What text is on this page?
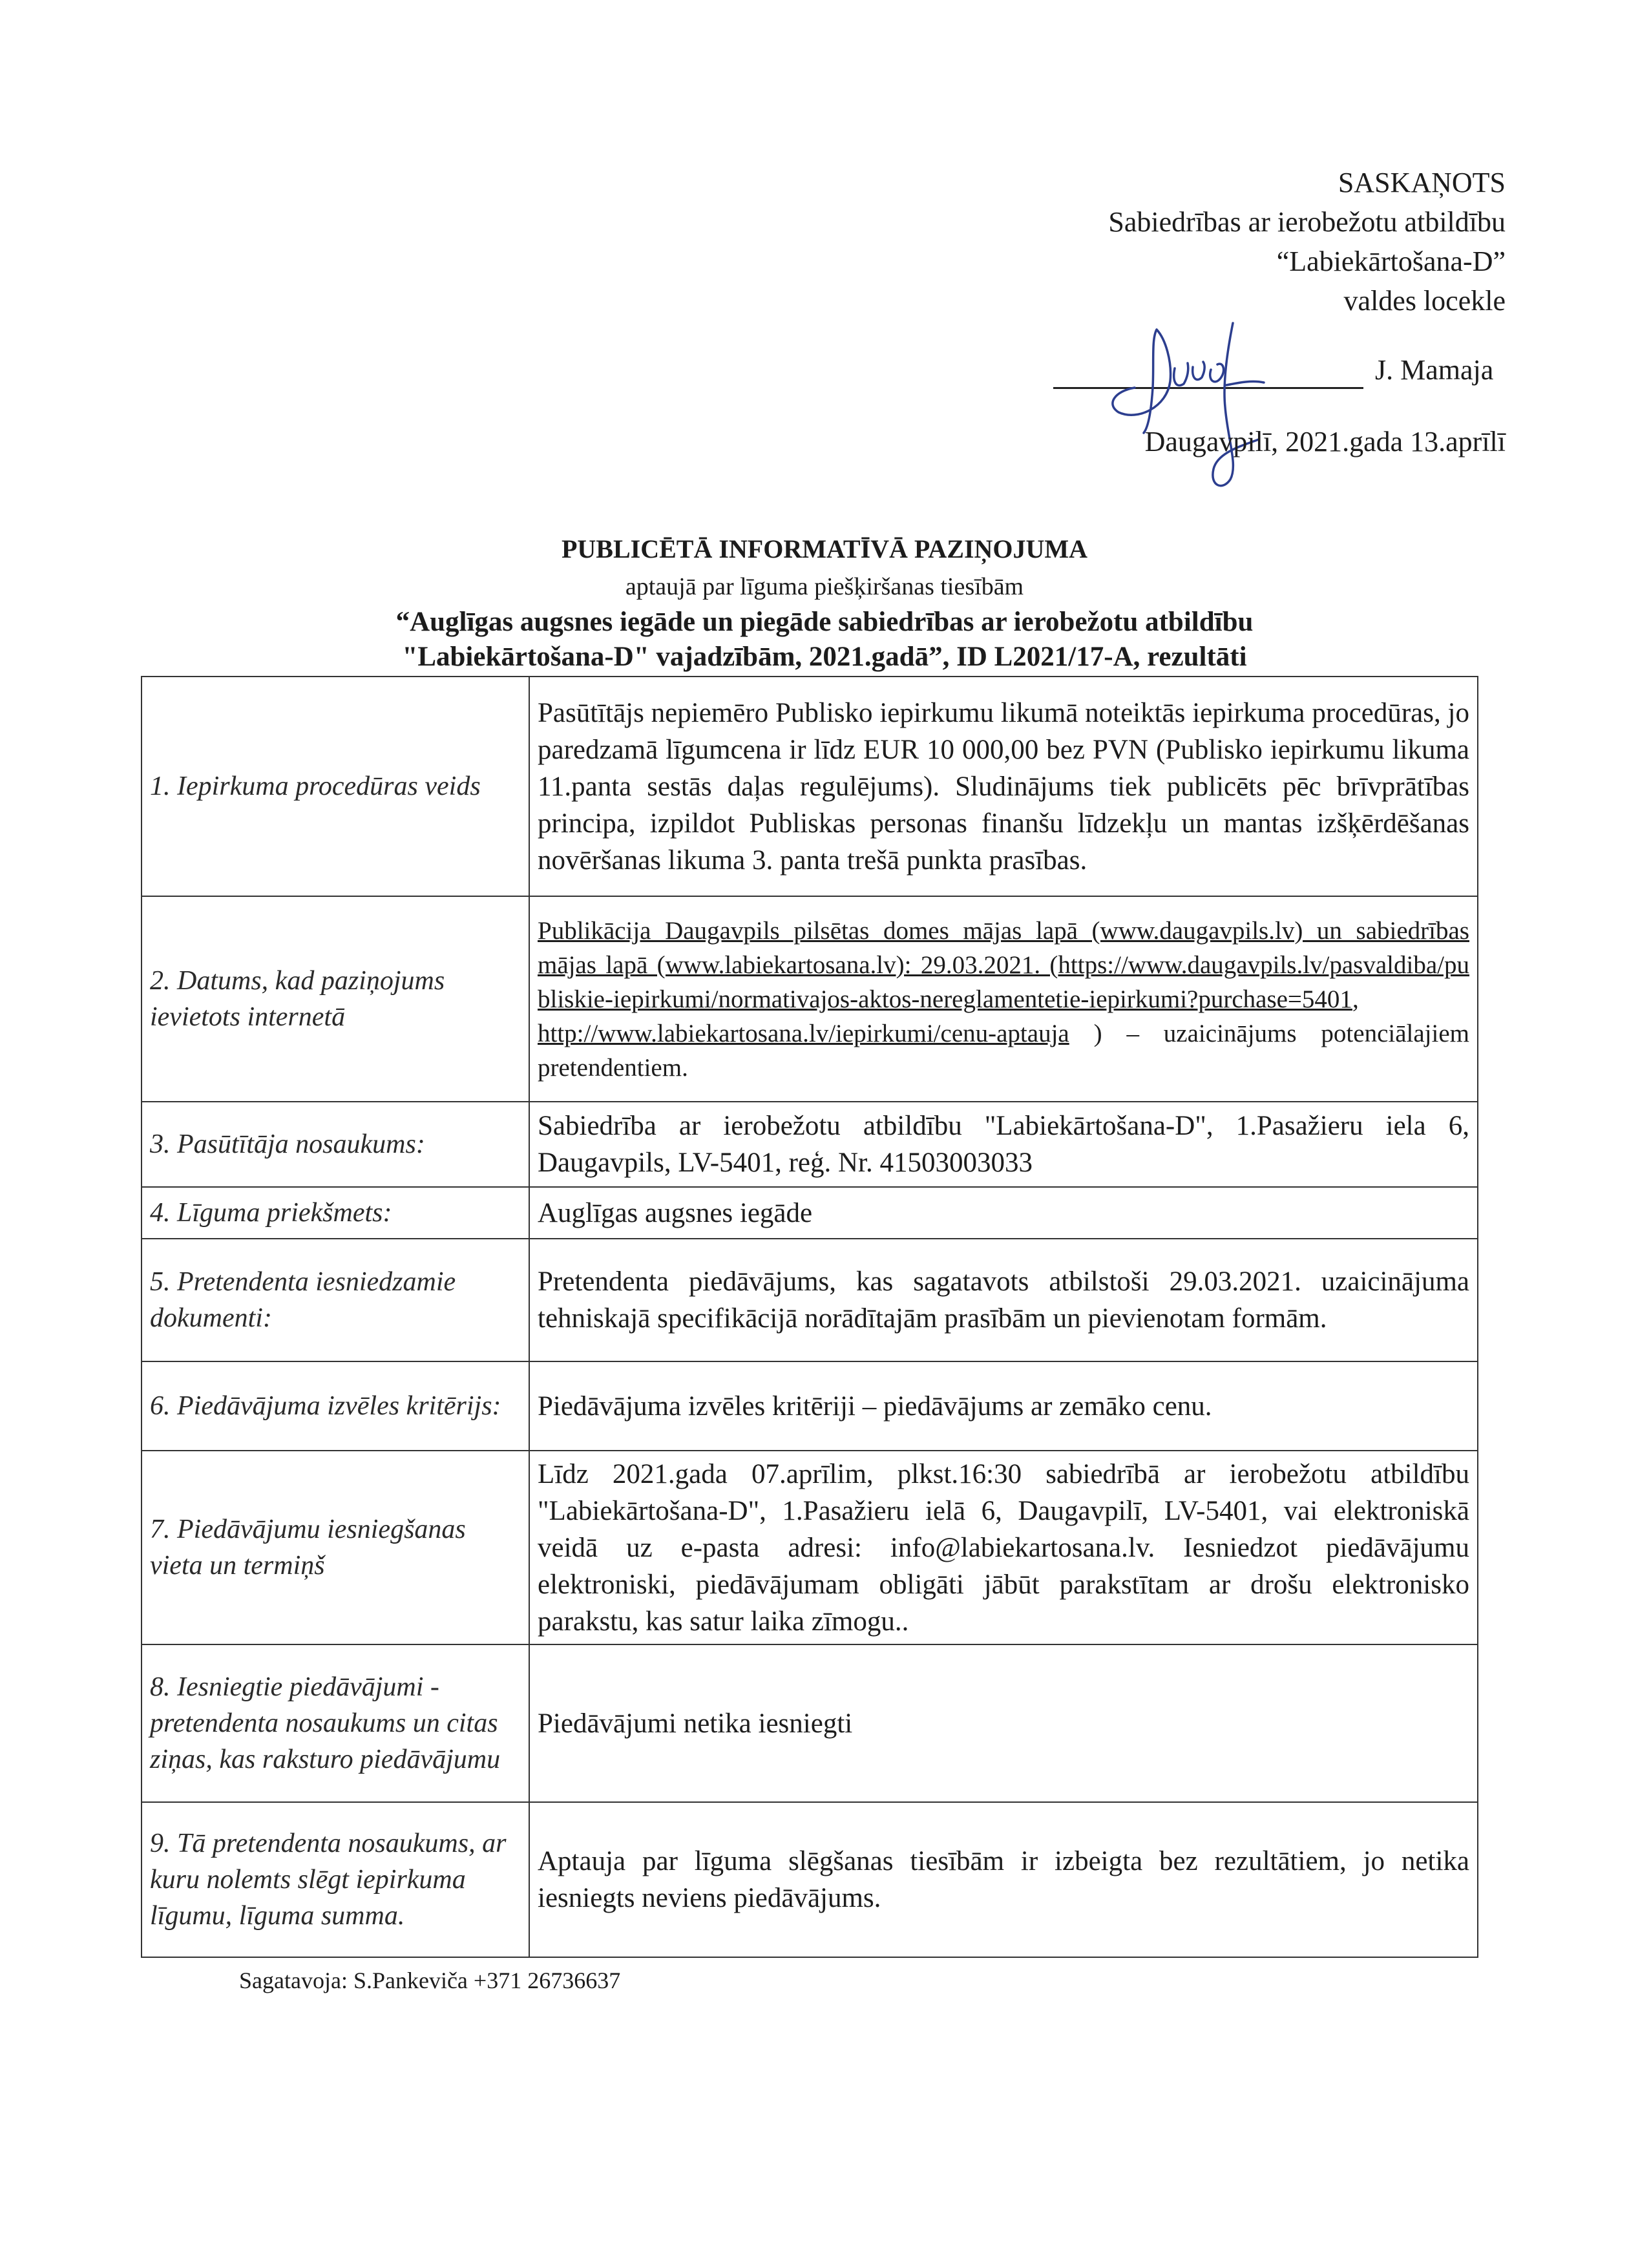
SASKAŅOTS
Sabiedrības ar ierobežotu atbildību
“Labiekārtošana-D”
valdes locekle
J. Mamaja
Daugavpilī, 2021.gada 13.aprīlī
PUBLICĒTĀ INFORMATĪVĀ PAZIŅOJUMA
aptaujā par līguma piešķiršanas tiesībām
“Auglīgas augsnes iegāde un piegāde sabiedrības ar ierobežotu atbildību
"Labiekārtošana-D" vajadzībām, 2021.gadā”, ID L2021/17-A, rezultāti
1. Iepirkuma procedūras veids	Pasūtītājs nepiemēro Publisko iepirkumu likumā noteiktās iepirkuma procedūras, jo paredzamā līgumcena ir līdz EUR 10 000,00 bez PVN (Publisko iepirkumu likuma 11.panta sestās daļas regulējums). Sludinājums tiek publicēts pēc brīvprātības principa, izpildot Publiskas personas finanšu līdzekļu un mantas izšķērdēšanas novēršanas likuma 3. panta trešā punkta prasības.
2. Datums, kad paziņojums ievietots internetā	Publikācija Daugavpils pilsētas domes mājas lapā (www.daugavpils.lv) un sabiedrības mājas lapā (www.labiekartosana.lv): 29.03.2021. (https://www.daugavpils.lv/pasvaldiba/publiskie-iepirkumi/normativajos-aktos-nereglamentetie-iepirkumi?purchase=5401, http://www.labiekartosana.lv/iepirkumi/cenu-aptauja ) – uzaicinājums potenciālajiem pretendentiem.
3. Pasūtītāja nosaukums:	Sabiedrība ar ierobežotu atbildību "Labiekārtošana-D", 1.Pasažieru iela 6, Daugavpils, LV-5401, reģ. Nr. 41503003033
4. Līguma priekšmets:	Auglīgas augsnes iegāde
5. Pretendenta iesniedzamie dokumenti:	Pretendenta piedāvājums, kas sagatavots atbilstoši 29.03.2021. uzaicinājuma tehniskajā specifikācijā norādītajām prasībām un pievienotam formām.
6. Piedāvājuma izvēles kritērijs:	Piedāvājuma izvēles kritēriji – piedāvājums ar zemāko cenu.
7. Piedāvājumu iesniegšanas vieta un termiņš	Līdz 2021.gada 07.aprīlim, plkst.16:30 sabiedrībā ar ierobežotu atbildību "Labiekārtošana-D", 1.Pasažieru ielā 6, Daugavpilī, LV-5401, vai elektroniskā veidā uz e-pasta adresi: info@labiekartosana.lv. Iesniedzot piedāvājumu elektroniski, piedāvājumam obligāti jābūt parakstītam ar drošu elektronisko parakstu, kas satur laika zīmogu..
8. Iesniegtie piedāvājumi - pretendenta nosaukums un citas ziņas, kas raksturo piedāvājumu	Piedāvājumi netika iesniegti
9. Tā pretendenta nosaukums, ar kuru nolemts slēgt iepirkuma līgumu, līguma summa.	Aptauja par līguma slēgšanas tiesībām ir izbeigta bez rezultātiem, jo netika iesniegts neviens piedāvājums.
Sagatavoja: S.Pankeviča +371 26736637
